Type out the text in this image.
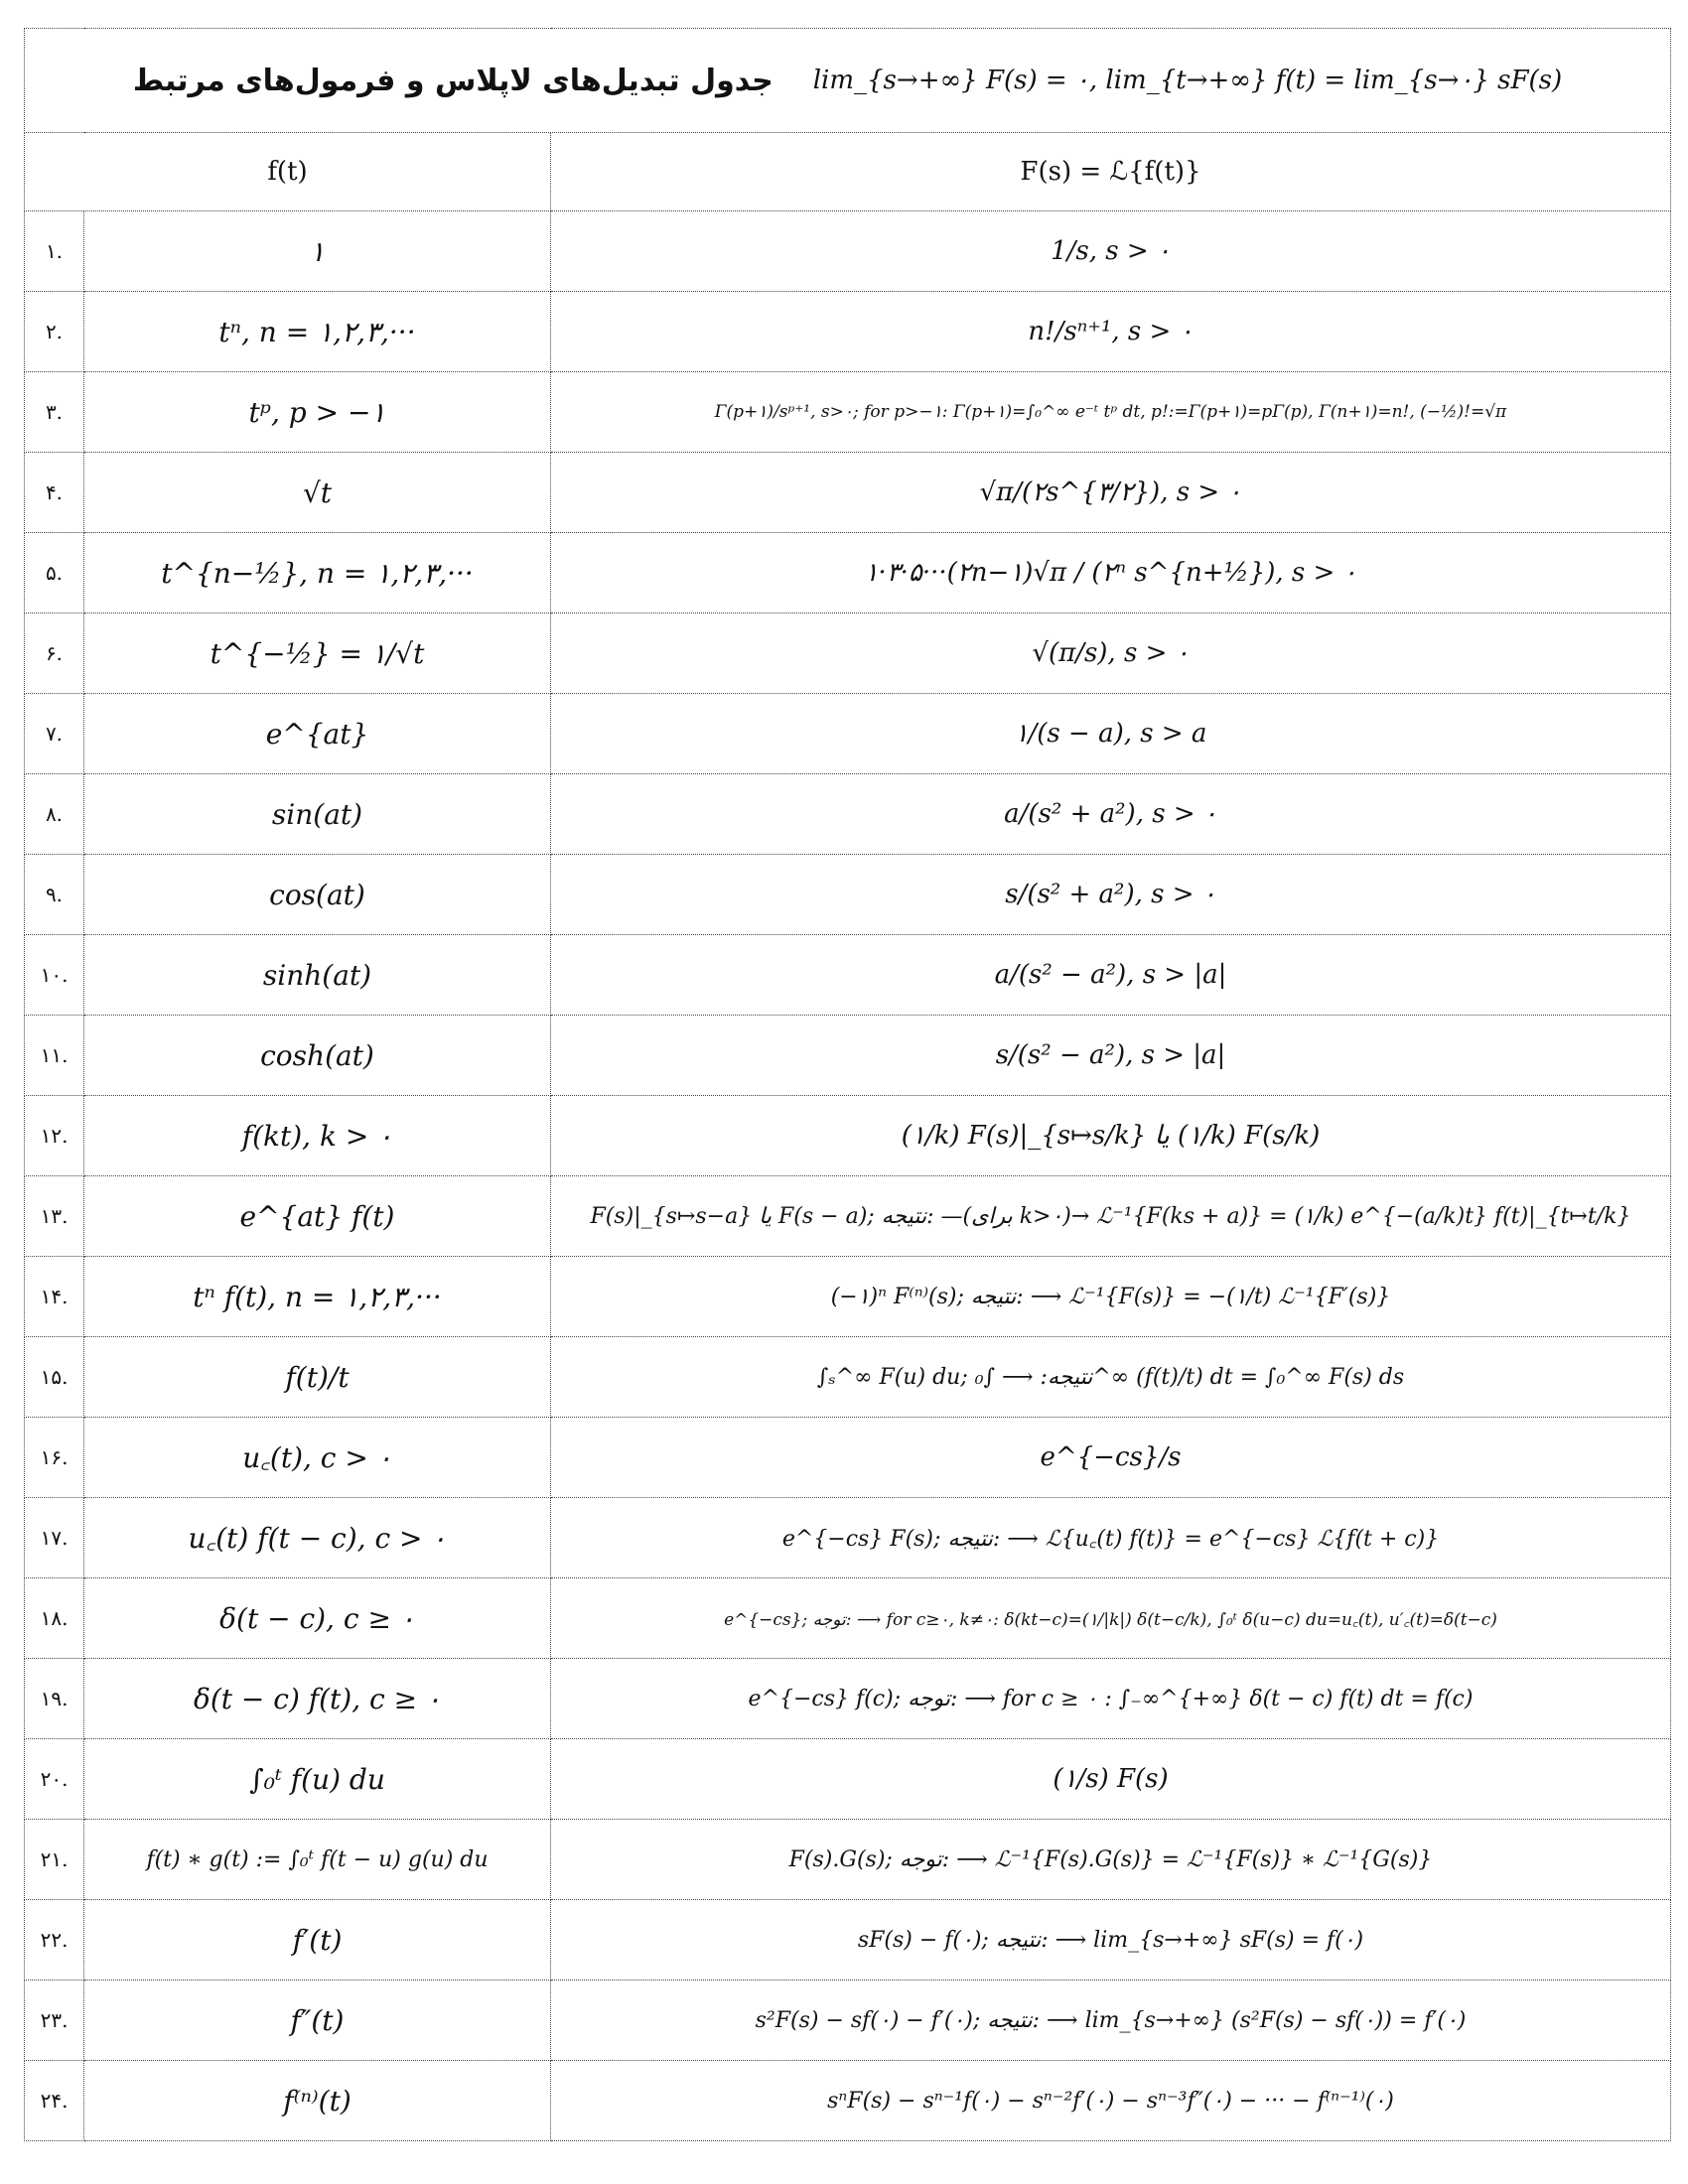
جدول تبدیل‌های لاپلاس و فرمول‌های مرتبط lim_{s→+∞} F(s) = ۰, lim_{t→+∞} f(t) = lim_{s→۰} sF(s)		

f(t)		F(s) = ℒ{f(t)}
۱.	۱	1/s, s > ۰
۲.	tⁿ, n = ۱,۲,۳,···	n!/sⁿ⁺¹, s > ۰
۳.	tᵖ, p > −۱	Γ(p+۱)/sᵖ⁺¹, s>۰; for p>−۱: Γ(p+۱)=∫₀^∞ e⁻ᵗ tᵖ dt, p!:=Γ(p+۱)=pΓ(p), Γ(n+۱)=n!, (−½)!=√π
۴.	√t	√π/(۲s^{۳/۲}), s > ۰
۵.	t^{n−½}, n = ۱,۲,۳,···	۱·۳·۵···(۲n−۱)√π / (۲ⁿ s^{n+½}), s > ۰
۶.	t^{−½} = ۱/√t	√(π/s), s > ۰
۷.	e^{at}	۱/(s − a), s > a
۸.	sin(at)	a/(s² + a²), s > ۰
۹.	cos(at)	s/(s² + a²), s > ۰
۱۰.	sinh(at)	a/(s² − a²), s > |a|
۱۱.	cosh(at)	s/(s² − a²), s > |a|
۱۲.	f(kt), k > ۰	(۱/k) F(s)|_{s↦s/k} یا (۱/k) F(s/k)
۱۳.	e^{at} f(t)	F(s)|_{s↦s−a} یا F(s − a); نتیجه: —(برای k>۰)→ ℒ⁻¹{F(ks + a)} = (۱/k) e^{−(a/k)t} f(t)|_{t↦t/k}
۱۴.	tⁿ f(t), n = ۱,۲,۳,···	(−۱)ⁿ F⁽ⁿ⁾(s); نتیجه: ⟶ ℒ⁻¹{F(s)} = −(۱/t) ℒ⁻¹{F′(s)}
۱۵.	f(t)/t	∫ₛ^∞ F(u) du; نتیجه: ⟶ ∫₀^∞ (f(t)/t) dt = ∫₀^∞ F(s) ds
۱۶.	u꜀(t), c > ۰	e^{−cs}/s
۱۷.	u꜀(t) f(t − c), c > ۰	e^{−cs} F(s); نتیجه: ⟶ ℒ{u꜀(t) f(t)} = e^{−cs} ℒ{f(t + c)}
۱۸.	δ(t − c), c ≥ ۰	e^{−cs}; توجه: ⟶ for c≥۰, k≠۰: δ(kt−c)=(۱/|k|) δ(t−c/k), ∫₀ᵗ δ(u−c) du=u꜀(t), u′꜀(t)=δ(t−c)
۱۹.	δ(t − c) f(t), c ≥ ۰	e^{−cs} f(c); توجه: ⟶ for c ≥ ۰ : ∫₋∞^{+∞} δ(t − c) f(t) dt = f(c)
۲۰.	∫₀ᵗ f(u) du	(۱/s) F(s)
۲۱.	f(t) ∗ g(t) := ∫₀ᵗ f(t − u) g(u) du	F(s).G(s); توجه: ⟶ ℒ⁻¹{F(s).G(s)} = ℒ⁻¹{F(s)} ∗ ℒ⁻¹{G(s)}
۲۲.	f′(t)	sF(s) − f(۰); نتیجه: ⟶ lim_{s→+∞} sF(s) = f(۰)
۲۳.	f″(t)	s²F(s) − sf(۰) − f′(۰); نتیجه: ⟶ lim_{s→+∞} (s²F(s) − sf(۰)) = f′(۰)
۲۴.	f⁽ⁿ⁾(t)	sⁿF(s) − sⁿ⁻¹f(۰) − sⁿ⁻²f′(۰) − sⁿ⁻³f″(۰) − ··· − f⁽ⁿ⁻¹⁾(۰)
